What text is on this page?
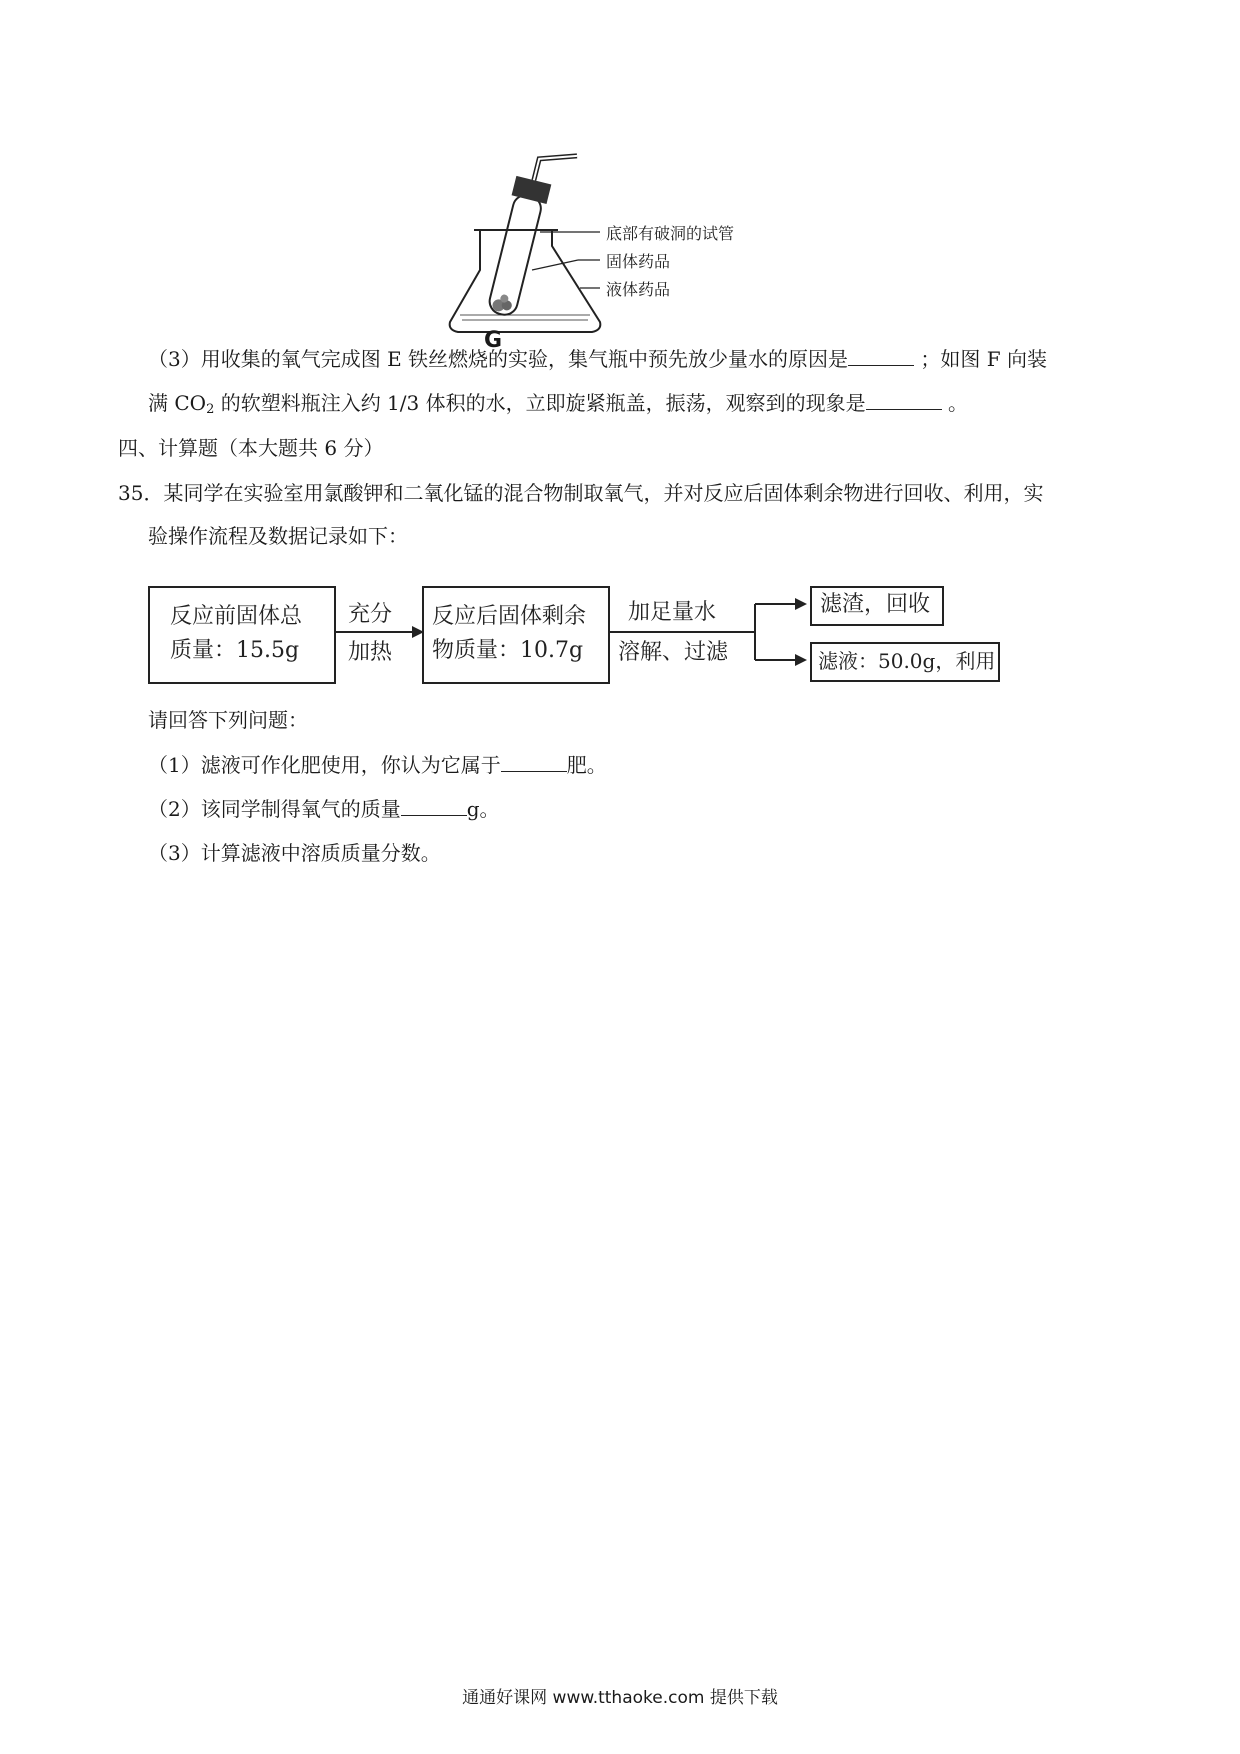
底部有破洞的试管
固体药品
液体药品
G
（3）用收集的氧气完成图 E 铁丝燃烧的实验，集气瓶中预先放少量水的原因是	；如图 F 向装
满 $CO_2$ 的软塑料瓶注入约 1/3 体积的水，立即旋紧瓶盖，振荡，观察到的现象是	。
四、计算题（本大题共 6 分）
35．某同学在实验室用氯酸钾和二氧化锰的混合物制取氧气，并对反应后固体剩余物进行回收、利用，实
验操作流程及数据记录如下：
反应前固体总
质量：15.5g
充分
加热
反应后固体剩余
物质量：10.7g
加足量水
溶解、过滤
滤渣，回收
滤液：50.0g，利用
请回答下列问题：
（1）滤液可作化肥使用，你认为它属于	肥。
（2）该同学制得氧气的质量	g。
（3）计算滤液中溶质质量分数。
通通好课网 www.tthaoke.com 提供下载
